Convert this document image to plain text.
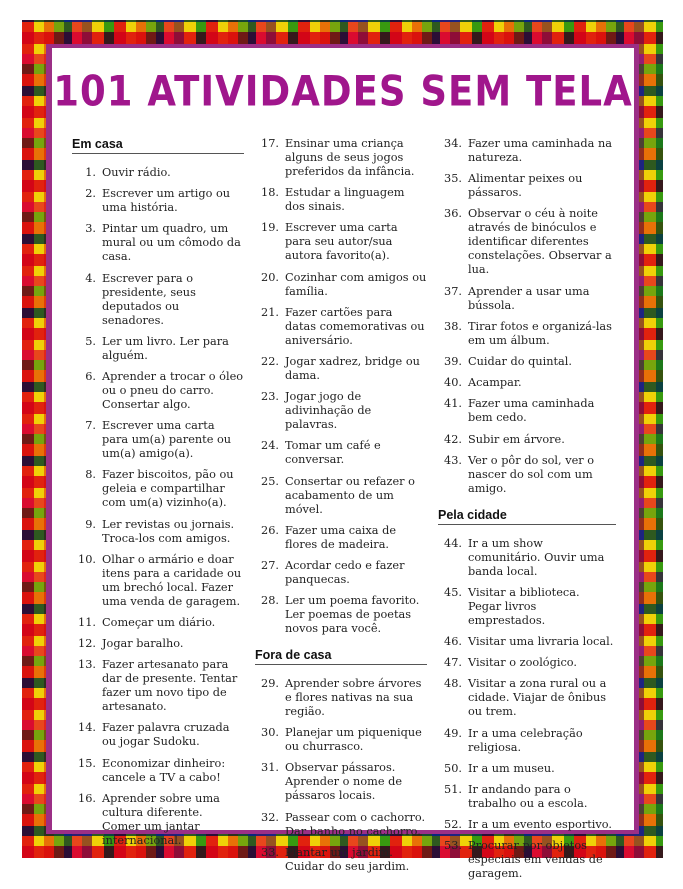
101 ATIVIDADES SEM TELA
Em casa
1. Ouvir rádio.
2. Escrever um artigo ou uma história.
3. Pintar um quadro, um mural ou um cômodo da casa.
4. Escrever para o presidente, seus deputados ou senadores.
5. Ler um livro. Ler para alguém.
6. Aprender a trocar o óleo ou o pneu do carro. Consertar algo.
7. Escrever uma carta para um(a) parente ou um(a) amigo(a).
8. Fazer biscoitos, pão ou geleia e compartilhar com um(a) vizinho(a).
9. Ler revistas ou jornais. Troca-los com amigos.
10. Olhar o armário e doar itens para a caridade ou um brechó local. Fazer uma venda de garagem.
11. Começar um diário.
12. Jogar baralho.
13. Fazer artesanato para dar de presente. Tentar fazer um novo tipo de artesanato.
14. Fazer palavra cruzada ou jogar Sudoku.
15. Economizar dinheiro: cancele a TV a cabo!
16. Aprender sobre uma cultura diferente. Comer um jantar internacional.
17. Ensinar uma criança alguns de seus jogos preferidos da infância.
18. Estudar a linguagem dos sinais.
19. Escrever uma carta para seu autor/sua autora favorito(a).
20. Cozinhar com amigos ou família.
21. Fazer cartões para datas comemorativas ou aniversário.
22. Jogar xadrez, bridge ou dama.
23. Jogar jogo de adivinhação de palavras.
24. Tomar um café e conversar.
25. Consertar ou refazer o acabamento de um móvel.
26. Fazer uma caixa de flores de madeira.
27. Acordar cedo e fazer panquecas.
28. Ler um poema favorito. Ler poemas de poetas novos para você.
Fora de casa
29. Aprender sobre árvores e flores nativas na sua região.
30. Planejar um piquenique ou churrasco.
31. Observar pássaros. Aprender o nome de pássaros locais.
32. Passear com o cachorro. Dar banho no cachorro.
33. Plantar um jardim. Cuidar do seu jardim.
34. Fazer uma caminhada na natureza.
35. Alimentar peixes ou pássaros.
36. Observar o céu à noite através de binóculos e identificar diferentes constelações. Observar a lua.
37. Aprender a usar uma bússola.
38. Tirar fotos e organizá-las em um álbum.
39. Cuidar do quintal.
40. Acampar.
41. Fazer uma caminhada bem cedo.
42. Subir em árvore.
43. Ver o pôr do sol, ver o nascer do sol com um amigo.
Pela cidade
44. Ir a um show comunitário. Ouvir uma banda local.
45. Visitar a biblioteca. Pegar livros emprestados.
46. Visitar uma livraria local.
47. Visitar o zoológico.
48. Visitar a zona rural ou a cidade. Viajar de ônibus ou trem.
49. Ir a uma celebração religiosa.
50. Ir a um museu.
51. Ir andando para o trabalho ou a escola.
52. Ir a um evento esportivo.
53. Procurar por objetos especiais em vendas de garagem.
